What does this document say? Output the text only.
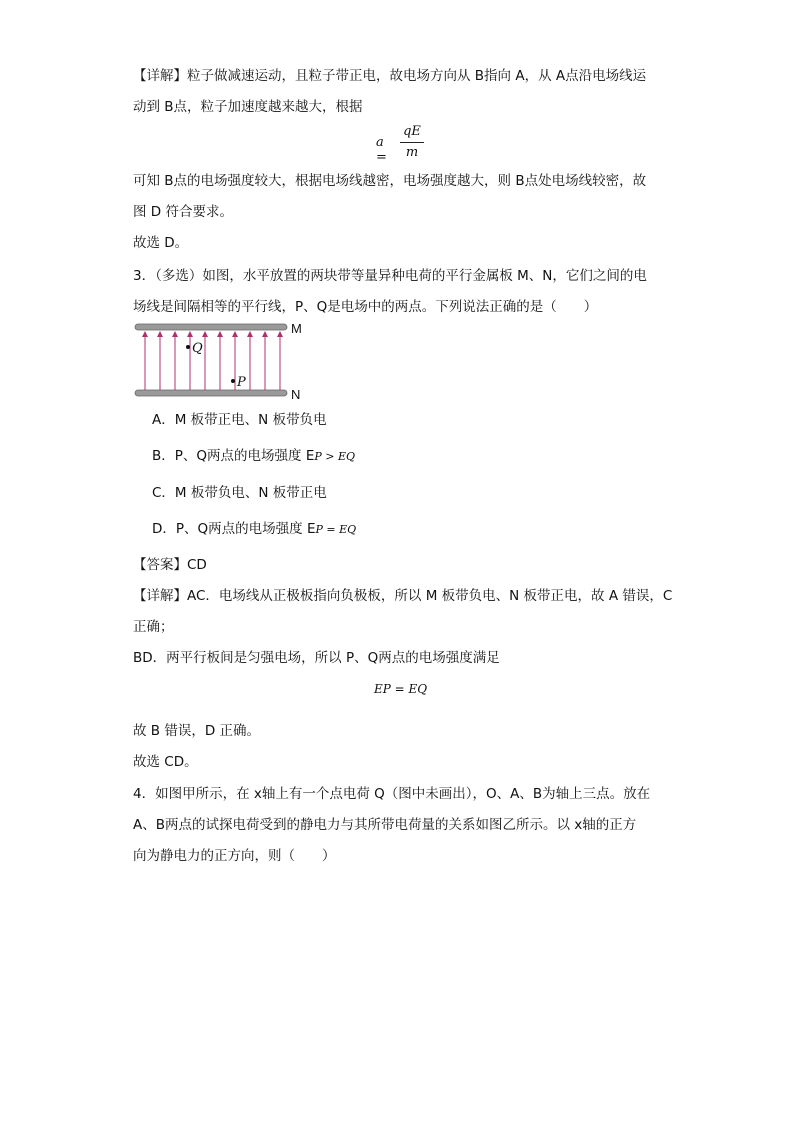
【详解】粒子做减速运动，且粒子带正电，故电场方向从 B指向 A，从 A点沿电场线运
动到 B点，粒子加速度越来越大，根据
a =
qE
m
可知 B点的电场强度较大，根据电场线越密，电场强度越大，则 B点处电场线较密，故
图 D 符合要求。
故选 D。
3．（多选）如图，水平放置的两块带等量异种电荷的平行金属板 M、N，它们之间的电
场线是间隔相等的平行线，P、Q是电场中的两点。下列说法正确的是（　　）
Q
P
M
N
A．M 板带正电、N 板带负电
B．P、Q两点的电场强度 EP > EQ
C．M 板带负电、N 板带正电
D．P、Q两点的电场强度 EP = EQ
【答案】CD
【详解】AC．电场线从正极板指向负极板，所以 M 板带负电、N 板带正电，故 A 错误，C
正确；
BD．两平行板间是匀强电场，所以 P、Q两点的电场强度满足
EP = EQ
故 B 错误，D 正确。
故选 CD。
4．如图甲所示，在 x轴上有一个点电荷 Q（图中未画出），O、A、B为轴上三点。放在
A、B两点的试探电荷受到的静电力与其所带电荷量的关系如图乙所示。以 x轴的正方
向为静电力的正方向，则（　　）
